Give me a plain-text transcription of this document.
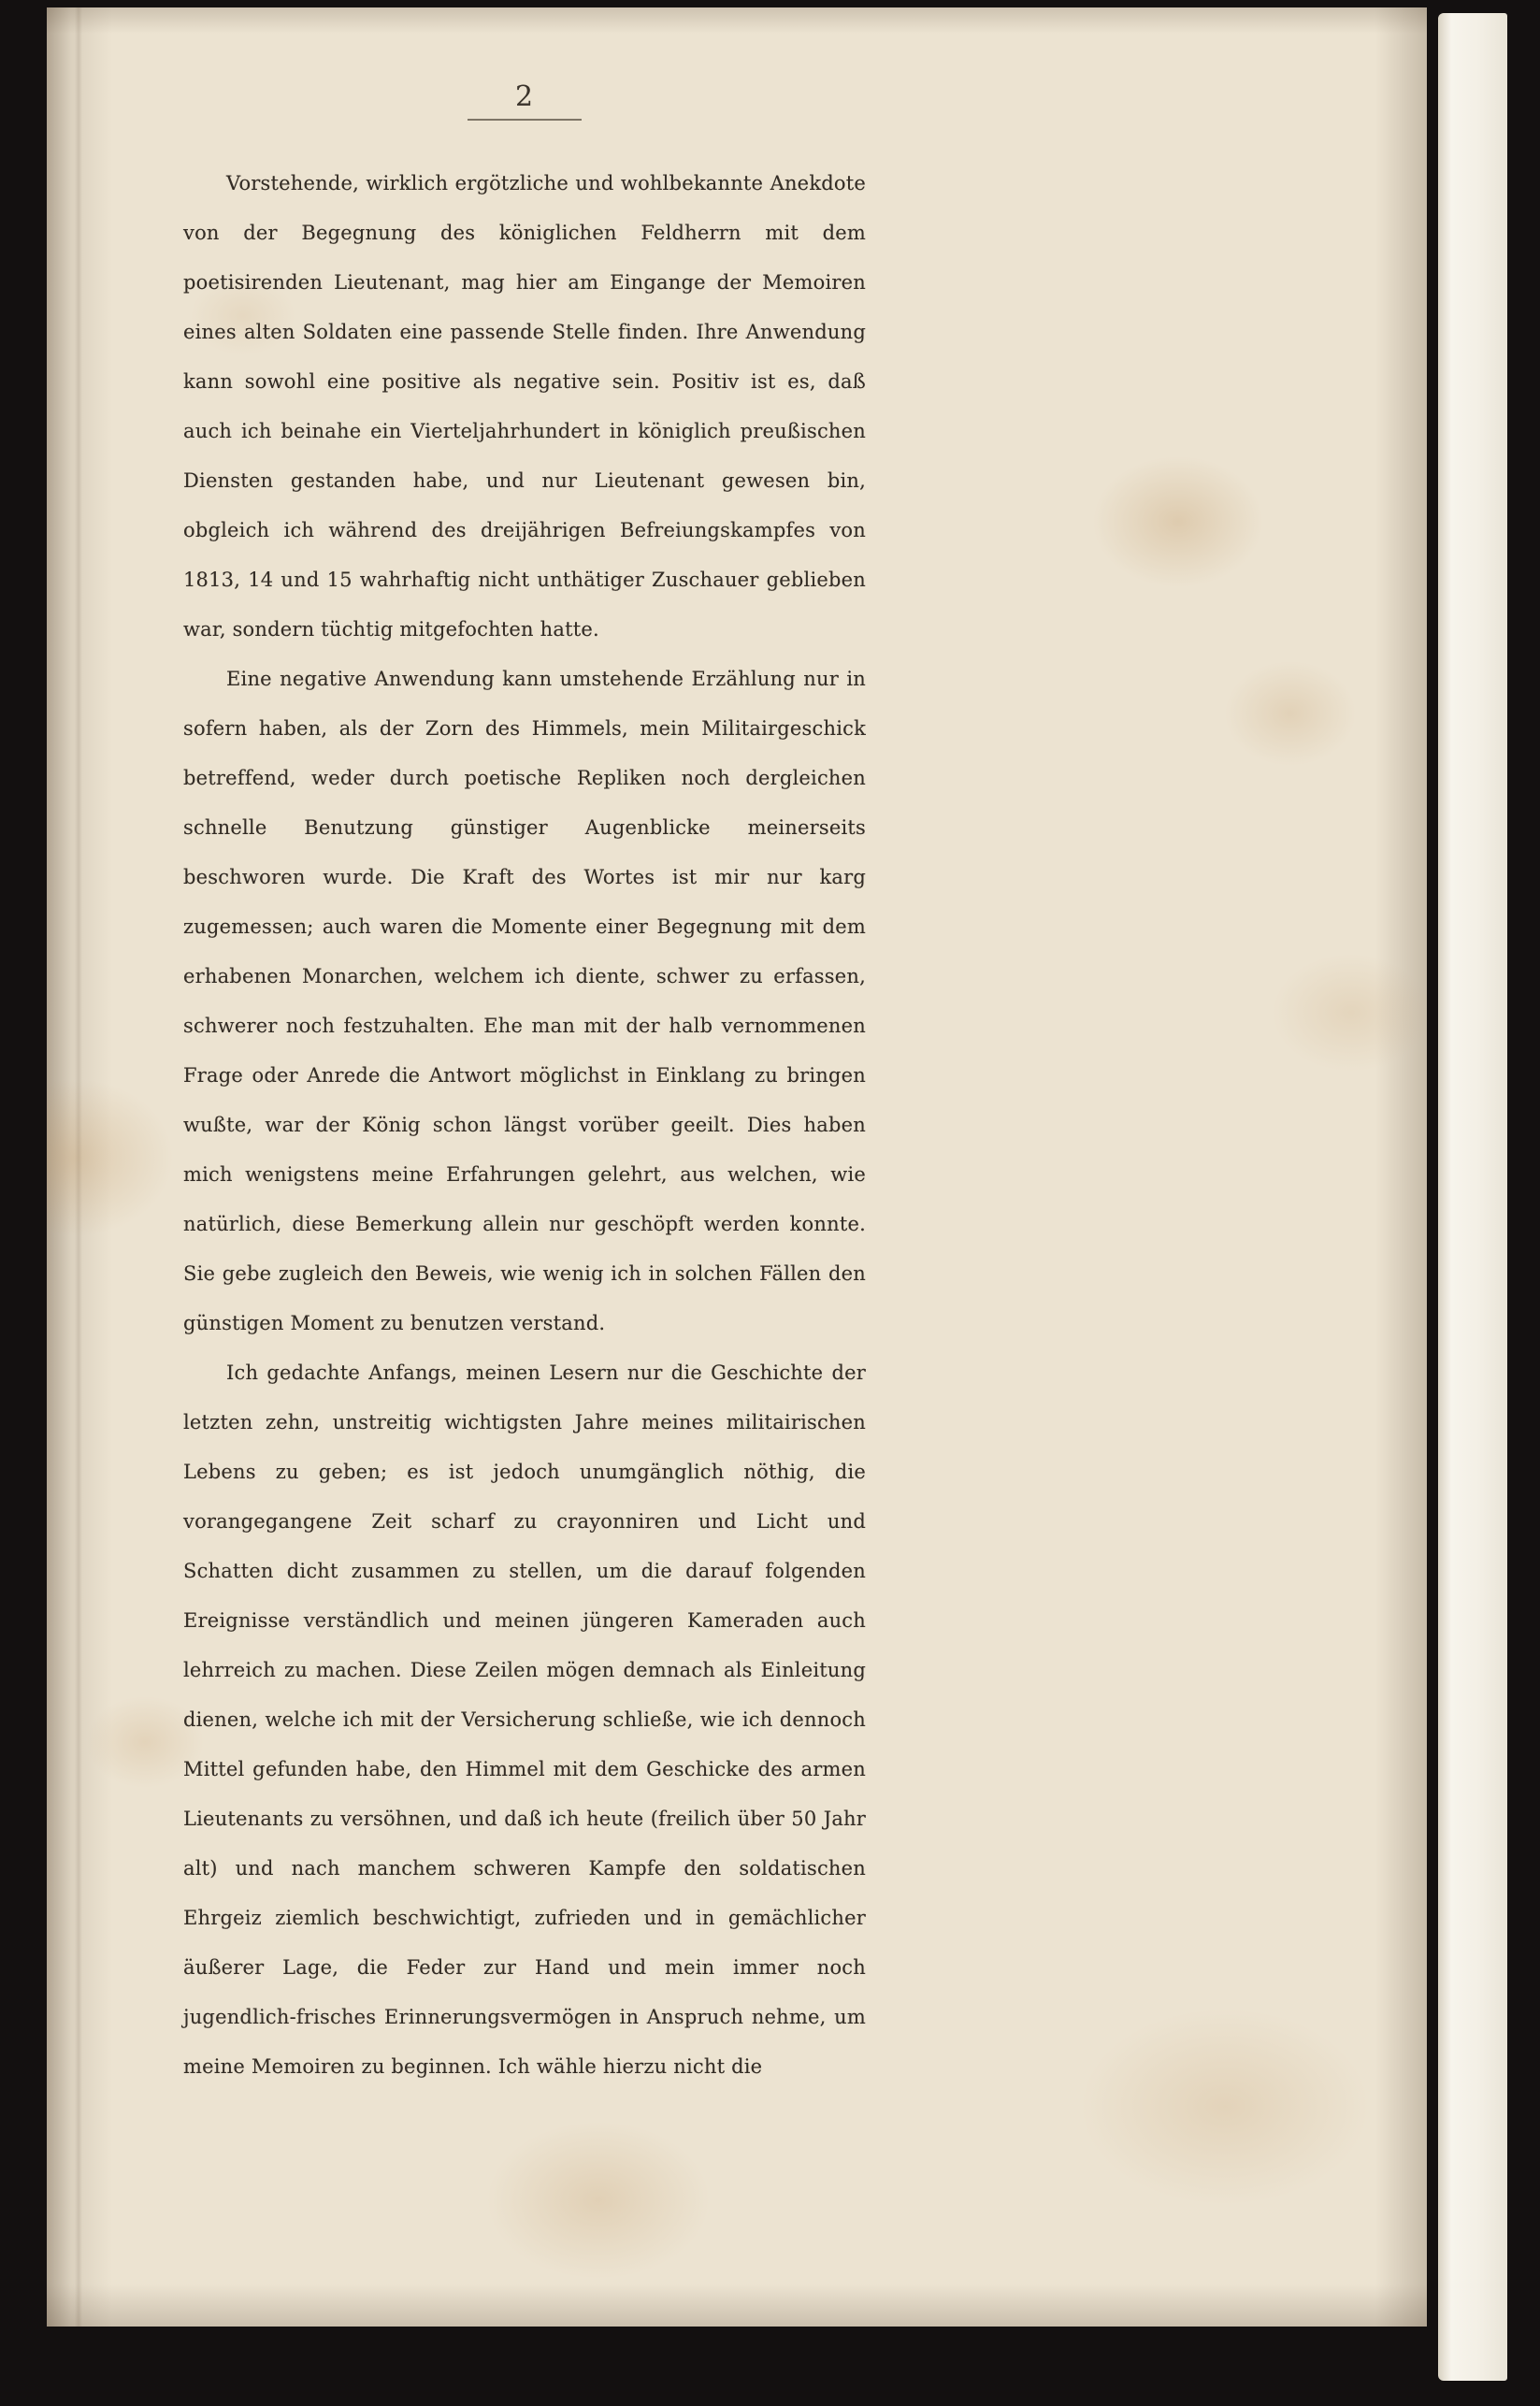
2

Vorstehende, wirklich ergötzliche und wohlbekannte Anekdote von der Begegnung des königlichen Feldherrn mit dem poetisirenden Lieutenant, mag hier am Eingange der Memoiren eines alten Soldaten eine passende Stelle finden. Ihre Anwendung kann sowohl eine positive als negative sein. Positiv ist es, daß auch ich beinahe ein Vierteljahrhundert in königlich preußischen Diensten gestanden habe, und nur Lieutenant gewesen bin, obgleich ich während des dreijährigen Befreiungskampfes von 1813, 14 und 15 wahrhaftig nicht unthätiger Zuschauer geblieben war, sondern tüchtig mitgefochten hatte.

Eine negative Anwendung kann umstehende Erzählung nur in sofern haben, als der Zorn des Himmels, mein Militairgeschick betreffend, weder durch poetische Repliken noch dergleichen schnelle Benutzung günstiger Augenblicke meinerseits beschworen wurde. Die Kraft des Wortes ist mir nur karg zugemessen; auch waren die Momente einer Begegnung mit dem erhabenen Monarchen, welchem ich diente, schwer zu erfassen, schwerer noch festzuhalten. Ehe man mit der halb vernommenen Frage oder Anrede die Antwort möglichst in Einklang zu bringen wußte, war der König schon längst vorüber geeilt. Dies haben mich wenigstens meine Erfahrungen gelehrt, aus welchen, wie natürlich, diese Bemerkung allein nur geschöpft werden konnte. Sie gebe zugleich den Beweis, wie wenig ich in solchen Fällen den günstigen Moment zu benutzen verstand.

Ich gedachte Anfangs, meinen Lesern nur die Geschichte der letzten zehn, unstreitig wichtigsten Jahre meines militairischen Lebens zu geben; es ist jedoch unumgänglich nöthig, die vorangegangene Zeit scharf zu crayonniren und Licht und Schatten dicht zusammen zu stellen, um die darauf folgenden Ereignisse verständlich und meinen jüngeren Kameraden auch lehrreich zu machen. Diese Zeilen mögen demnach als Einleitung dienen, welche ich mit der Versicherung schließe, wie ich dennoch Mittel gefunden habe, den Himmel mit dem Geschicke des armen Lieutenants zu versöhnen, und daß ich heute (freilich über 50 Jahr alt) und nach manchem schweren Kampfe den soldatischen Ehrgeiz ziemlich beschwichtigt, zufrieden und in gemächlicher äußerer Lage, die Feder zur Hand und mein immer noch jugendlich-frisches Erinnerungsvermögen in Anspruch nehme, um meine Memoiren zu beginnen. Ich wähle hierzu nicht die
